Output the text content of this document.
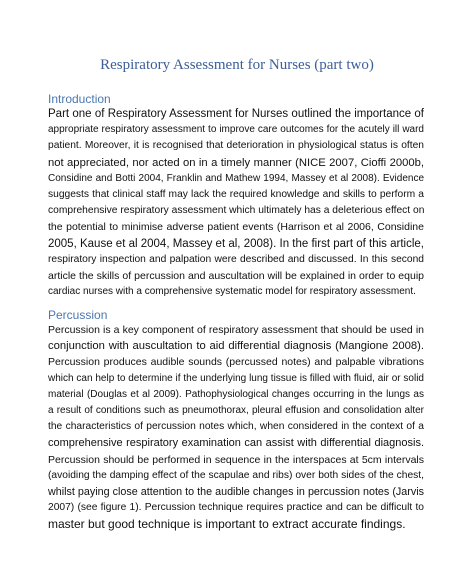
Respiratory Assessment for Nurses (part two)
Introduction
Part one of Respiratory Assessment for Nurses outlined the importance of
appropriate respiratory assessment to improve care outcomes for the acutely ill ward
patient. Moreover, it is recognised that deterioration in physiological status is often
not appreciated, nor acted on in a timely manner (NICE 2007, Cioffi 2000b,
Considine and Botti 2004, Franklin and Mathew 1994, Massey et al 2008). Evidence
suggests that clinical staff may lack the required knowledge and skills to perform a
comprehensive respiratory assessment which ultimately has a deleterious effect on
the potential to minimise adverse patient events (Harrison et al 2006, Considine
2005, Kause et al 2004, Massey et al, 2008). In the first part of this article,
respiratory inspection and palpation were described and discussed. In this second
article the skills of percussion and auscultation will be explained in order to equip
cardiac nurses with a comprehensive systematic model for respiratory assessment.
Percussion
Percussion is a key component of respiratory assessment that should be used in
conjunction with auscultation to aid differential diagnosis (Mangione 2008).
Percussion produces audible sounds (percussed notes) and palpable vibrations
which can help to determine if the underlying lung tissue is filled with fluid, air or solid
material (Douglas et al 2009). Pathophysiological changes occurring in the lungs as
a result of conditions such as pneumothorax, pleural effusion and consolidation alter
the characteristics of percussion notes which, when considered in the context of a
comprehensive respiratory examination can assist with differential diagnosis.
Percussion should be performed in sequence in the interspaces at 5cm intervals
(avoiding the damping effect of the scapulae and ribs) over both sides of the chest,
whilst paying close attention to the audible changes in percussion notes (Jarvis
2007) (see figure 1). Percussion technique requires practice and can be difficult to
master but good technique is important to extract accurate findings.
